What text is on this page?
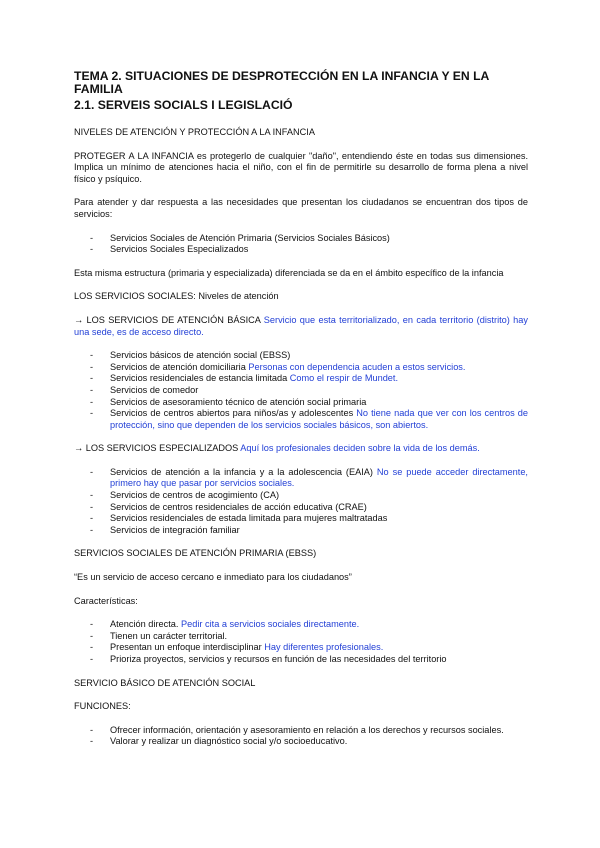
TEMA 2. SITUACIONES DE DESPROTECCIÓN EN LA INFANCIA Y EN LA
FAMILIA

2.1. SERVEIS SOCIALS I LEGISLACIÓ

NIVELES DE ATENCIÓN Y PROTECCIÓN A LA INFANCIA

PROTEGER A LA INFANCIA es protegerlo de cualquier "daño", entendiendo éste en todas sus dimensiones. Implica un mínimo de atenciones hacia el niño, con el fin de permitirle su desarrollo de forma plena a nivel físico y psíquico.

Para atender y dar respuesta a las necesidades que presentan los ciudadanos se encuentran dos tipos de servicios:

- Servicios Sociales de Atención Primaria (Servicios Sociales Básicos)
- Servicios Sociales Especializados

Esta misma estructura (primaria y especializada) diferenciada se da en el ámbito específico de la infancia

LOS SERVICIOS SOCIALES: Niveles de atención

→ LOS SERVICIOS DE ATENCIÓN BÁSICA Servicio que esta territorializado, en cada territorio (distrito) hay una sede, es de acceso directo.

- Servicios básicos de atención social (EBSS)
- Servicios de atención domiciliaria Personas con dependencia acuden a estos servicios.
- Servicios residenciales de estancia limitada Como el respir de Mundet.
- Servicios de comedor
- Servicios de asesoramiento técnico de atención social primaria
- Servicios de centros abiertos para niños/as y adolescentes No tiene nada que ver con los centros de protección, sino que dependen de los servicios sociales básicos, son abiertos.

→ LOS SERVICIOS ESPECIALIZADOS Aquí los profesionales deciden sobre la vida de los demás.

- Servicios de atención a la infancia y a la adolescencia (EAIA) No se puede acceder directamente, primero hay que pasar por servicios sociales.
- Servicios de centros de acogimiento (CA)
- Servicios de centros residenciales de acción educativa (CRAE)
- Servicios residenciales de estada limitada para mujeres maltratadas
- Servicios de integración familiar

SERVICIOS SOCIALES DE ATENCIÓN PRIMARIA (EBSS)

“Es un servicio de acceso cercano e inmediato para los ciudadanos”

Características:

- Atención directa. Pedir cita a servicios sociales directamente.
- Tienen un carácter territorial.
- Presentan un enfoque interdisciplinar Hay diferentes profesionales.
- Prioriza proyectos, servicios y recursos en función de las necesidades del territorio

SERVICIO BÁSICO DE ATENCIÓN SOCIAL

FUNCIONES:

- Ofrecer información, orientación y asesoramiento en relación a los derechos y recursos sociales.
- Valorar y realizar un diagnóstico social y/o socioeducativo.
